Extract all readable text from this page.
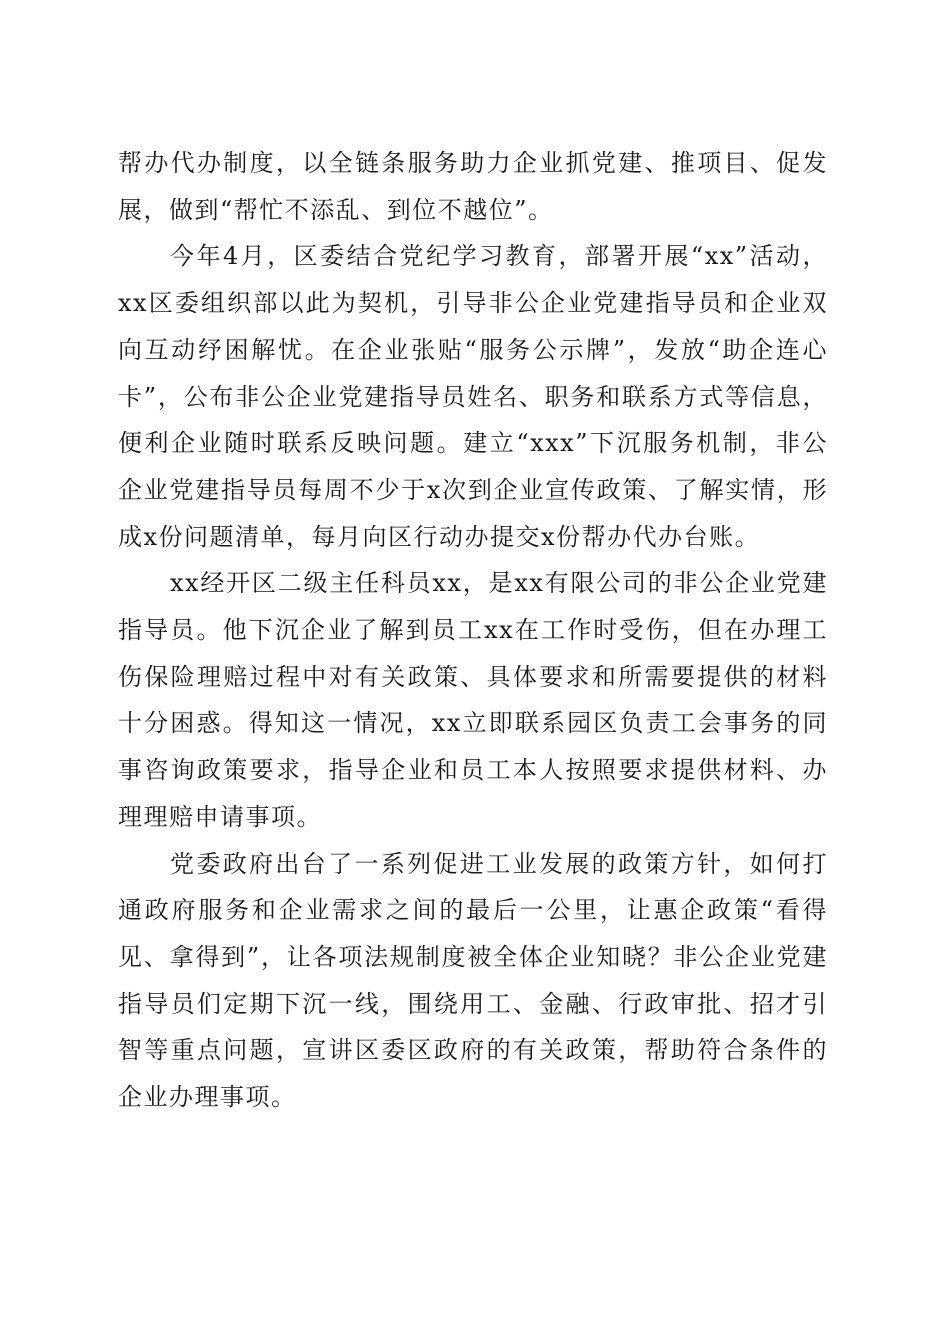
帮办代办制度，以全链条服务助力企业抓党建、推项目、促发展，做到“帮忙不添乱、到位不越位”。

今年4月，区委结合党纪学习教育，部署开展“xx”活动，xx区委组织部以此为契机，引导非公企业党建指导员和企业双向互动纾困解忧。在企业张贴“服务公示牌”，发放“助企连心卡”，公布非公企业党建指导员姓名、职务和联系方式等信息，便利企业随时联系反映问题。建立“xxx”下沉服务机制，非公企业党建指导员每周不少于x次到企业宣传政策、了解实情，形成x份问题清单，每月向区行动办提交x份帮办代办台账。

xx经开区二级主任科员xx，是xx有限公司的非公企业党建指导员。他下沉企业了解到员工xx在工作时受伤，但在办理工伤保险理赔过程中对有关政策、具体要求和所需要提供的材料十分困惑。得知这一情况，xx立即联系园区负责工会事务的同事咨询政策要求，指导企业和员工本人按照要求提供材料、办理理赔申请事项。

党委政府出台了一系列促进工业发展的政策方针，如何打通政府服务和企业需求之间的最后一公里，让惠企政策“看得见、拿得到”，让各项法规制度被全体企业知晓？非公企业党建指导员们定期下沉一线，围绕用工、金融、行政审批、招才引智等重点问题，宣讲区委区政府的有关政策，帮助符合条件的企业办理事项。
